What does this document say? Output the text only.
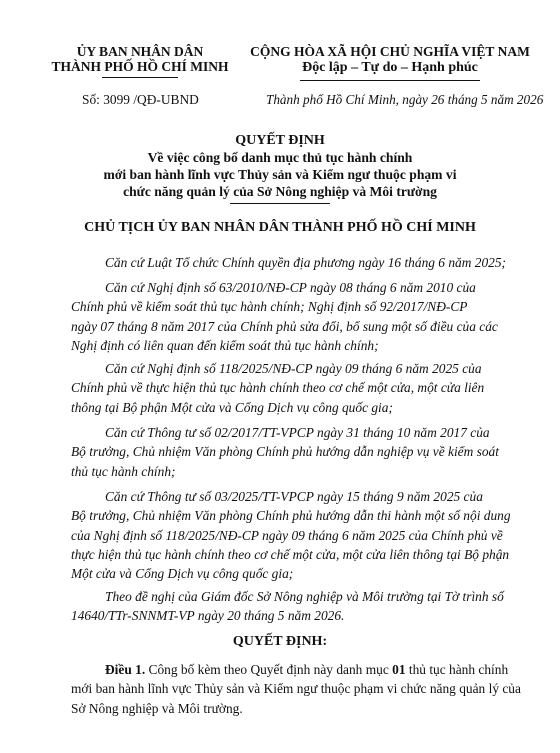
ỦY BAN NHÂN DÂN
THÀNH PHỐ HỒ CHÍ MINH
CỘNG HÒA XÃ HỘI CHỦ NGHĨA VIỆT NAM
Độc lập – Tự do – Hạnh phúc
Số: 3099 /QĐ-UBND	Thành phố Hồ Chí Minh, ngày 26 tháng 5 năm 2026
QUYẾT ĐỊNH
Về việc công bố danh mục thủ tục hành chính
mới ban hành lĩnh vực Thủy sản và Kiểm ngư thuộc phạm vi
chức năng quản lý của Sở Nông nghiệp và Môi trường
CHỦ TỊCH ỦY BAN NHÂN DÂN THÀNH PHỐ HỒ CHÍ MINH
Căn cứ Luật Tổ chức Chính quyền địa phương ngày 16 tháng 6 năm 2025;
Căn cứ Nghị định số 63/2010/NĐ-CP ngày 08 tháng 6 năm 2010 của
Chính phủ về kiểm soát thủ tục hành chính; Nghị định số 92/2017/NĐ-CP
ngày 07 tháng 8 năm 2017 của Chính phủ sửa đổi, bổ sung một số điều của các
Nghị định có liên quan đến kiểm soát thủ tục hành chính;
Căn cứ Nghị định số 118/2025/NĐ-CP ngày 09 tháng 6 năm 2025 của
Chính phủ về thực hiện thủ tục hành chính theo cơ chế một cửa, một cửa liên
thông tại Bộ phận Một cửa và Cổng Dịch vụ công quốc gia;
Căn cứ Thông tư số 02/2017/TT-VPCP ngày 31 tháng 10 năm 2017 của
Bộ trưởng, Chủ nhiệm Văn phòng Chính phủ hướng dẫn nghiệp vụ về kiểm soát
thủ tục hành chính;
Căn cứ Thông tư số 03/2025/TT-VPCP ngày 15 tháng 9 năm 2025 của
Bộ trưởng, Chủ nhiệm Văn phòng Chính phủ hướng dẫn thi hành một số nội dung
của Nghị định số 118/2025/NĐ-CP ngày 09 tháng 6 năm 2025 của Chính phủ về
thực hiện thủ tục hành chính theo cơ chế một cửa, một cửa liên thông tại Bộ phận
Một cửa và Cổng Dịch vụ công quốc gia;
Theo đề nghị của Giám đốc Sở Nông nghiệp và Môi trường tại Tờ trình số
14640/TTr-SNNMT-VP ngày 20 tháng 5 năm 2026.
QUYẾT ĐỊNH:
Điều 1. Công bố kèm theo Quyết định này danh mục 01 thủ tục hành chính
mới ban hành lĩnh vực Thủy sản và Kiểm ngư thuộc phạm vi chức năng quản lý của
Sở Nông nghiệp và Môi trường.
